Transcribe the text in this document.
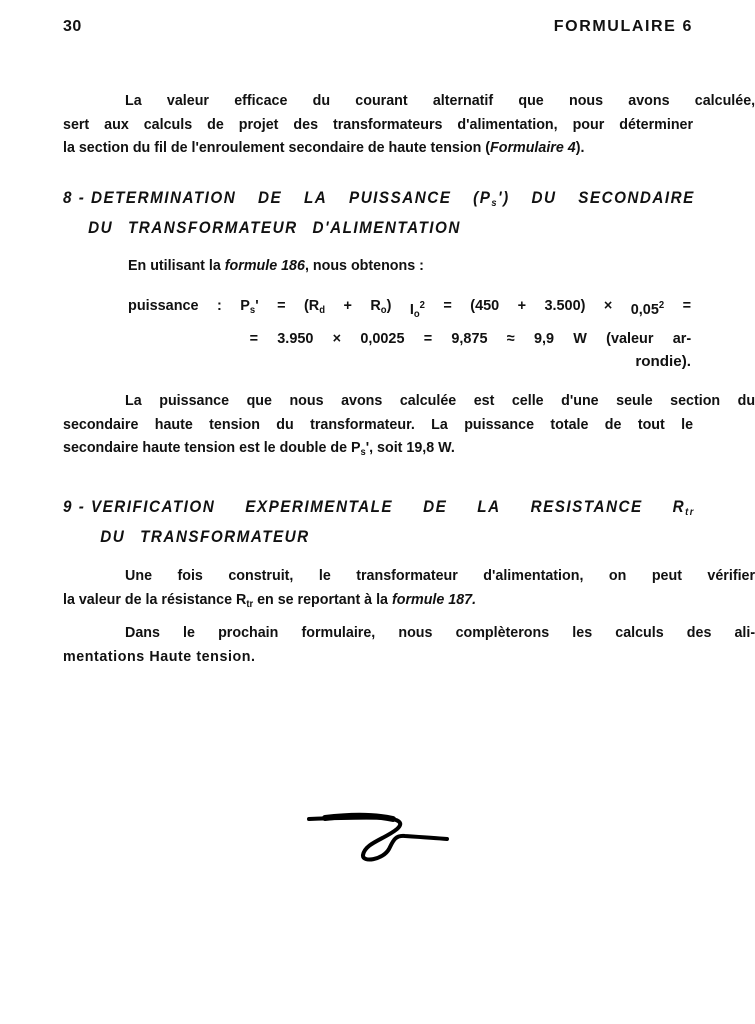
30	FORMULAIRE 6
La valeur efficace du courant alternatif que nous avons calculée,
sert aux calculs de projet des transformateurs d'alimentation, pour déterminer
la section du fil de l'enroulement secondaire de haute tension (Formulaire 4).
8 - DETERMINATION DE LA PUISSANCE $(P_s')$ DU SECONDAIRE
DU TRANSFORMATEUR D'ALIMENTATION
En utilisant la formule 186, nous obtenons :
puissance : $P_s' = (R_d + R_o) I_o^2 = (450 + 3.500) \times 0,05^2$ =
= 3.950 × 0,0025 = 9,875 ≈ 9,9 W (valeur ar-
rondie).
La puissance que nous avons calculée est celle d'une seule section du
secondaire haute tension du transformateur. La puissance totale de tout le
secondaire haute tension est le double de $P_s'$, soit 19,8 W.
9 - VERIFICATION EXPERIMENTALE DE LA RESISTANCE $R_{tr}$
DU TRANSFORMATEUR
Une fois construit, le transformateur d'alimentation, on peut vérifier
la valeur de la résistance $R_{tr}$ en se reportant à la formule 187.
Dans le prochain formulaire, nous complèterons les calculs des ali-
mentations Haute tension.
